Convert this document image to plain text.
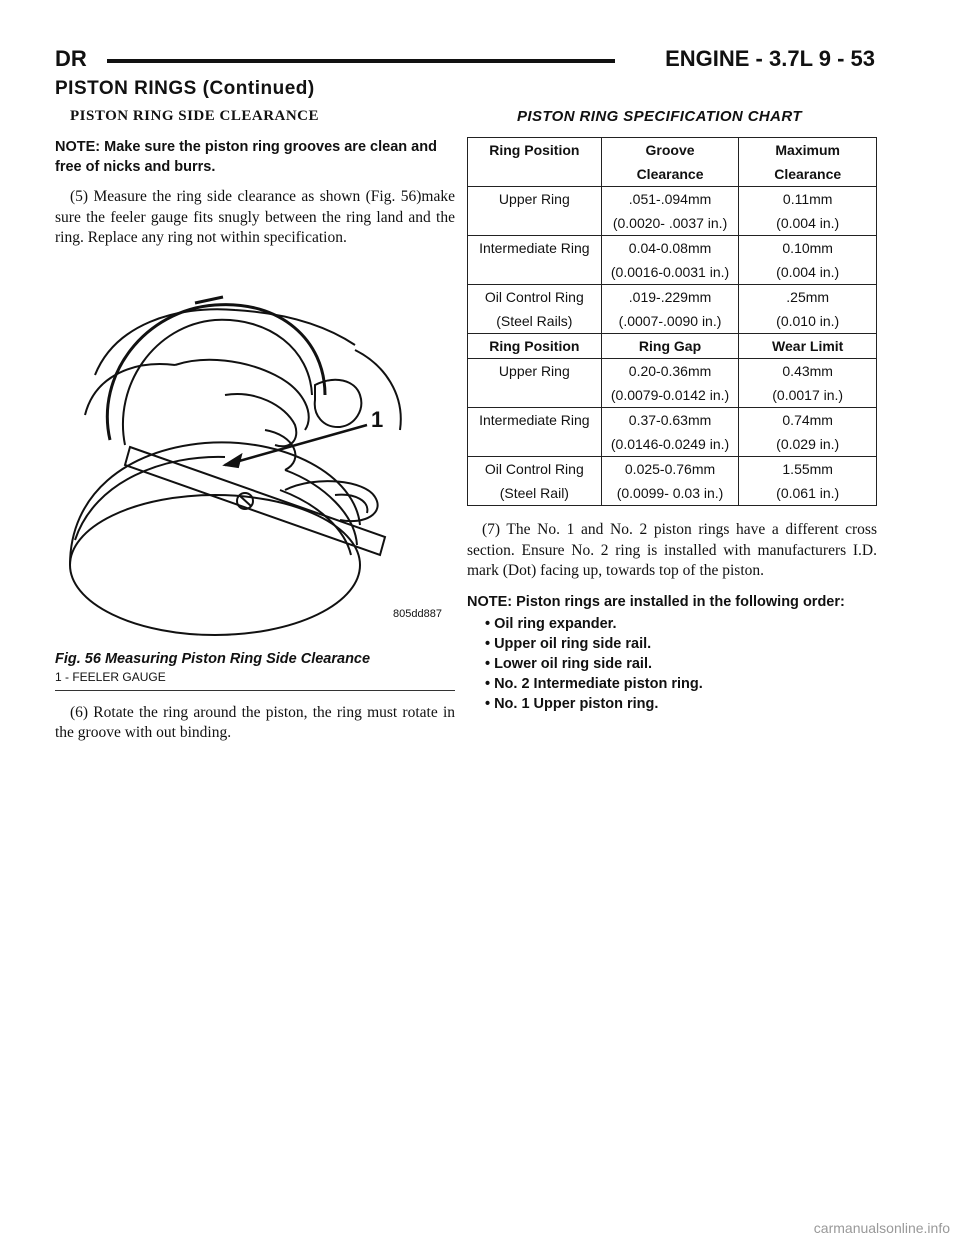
DR	ENGINE - 3.7L 9 - 53
PISTON RINGS (Continued)
PISTON RING SIDE CLEARANCE
NOTE: Make sure the piston ring grooves are clean and free of nicks and burrs.
(5) Measure the ring side clearance as shown (Fig. 56)make sure the feeler gauge fits snugly between the ring land and the ring. Replace any ring not within specification.
1
805dd887
Fig. 56 Measuring Piston Ring Side Clearance
1 - FEELER GAUGE
(6) Rotate the ring around the piston, the ring must rotate in the groove with out binding.
PISTON RING SPECIFICATION CHART
Ring Position	Groove	Maximum
	Clearance	Clearance
Upper Ring	.051-.094mm	0.11mm
	(0.0020- .0037 in.)	(0.004 in.)
Intermediate Ring	0.04-0.08mm	0.10mm
	(0.0016-0.0031 in.)	(0.004 in.)
Oil Control Ring	.019-.229mm	.25mm
(Steel Rails)	(.0007-.0090 in.)	(0.010 in.)
Ring Position	Ring Gap	Wear Limit
Upper Ring	0.20-0.36mm	0.43mm
	(0.0079-0.0142 in.)	(0.0017 in.)
Intermediate Ring	0.37-0.63mm	0.74mm
	(0.0146-0.0249 in.)	(0.029 in.)
Oil Control Ring	0.025-0.76mm	1.55mm
(Steel Rail)	(0.0099- 0.03 in.)	(0.061 in.)
(7) The No. 1 and No. 2 piston rings have a different cross section. Ensure No. 2 ring is installed with manufacturers I.D. mark (Dot) facing up, towards top of the piston.
NOTE: Piston rings are installed in the following order:
• Oil ring expander.
• Upper oil ring side rail.
• Lower oil ring side rail.
• No. 2 Intermediate piston ring.
• No. 1 Upper piston ring.
carmanualsonline.info
